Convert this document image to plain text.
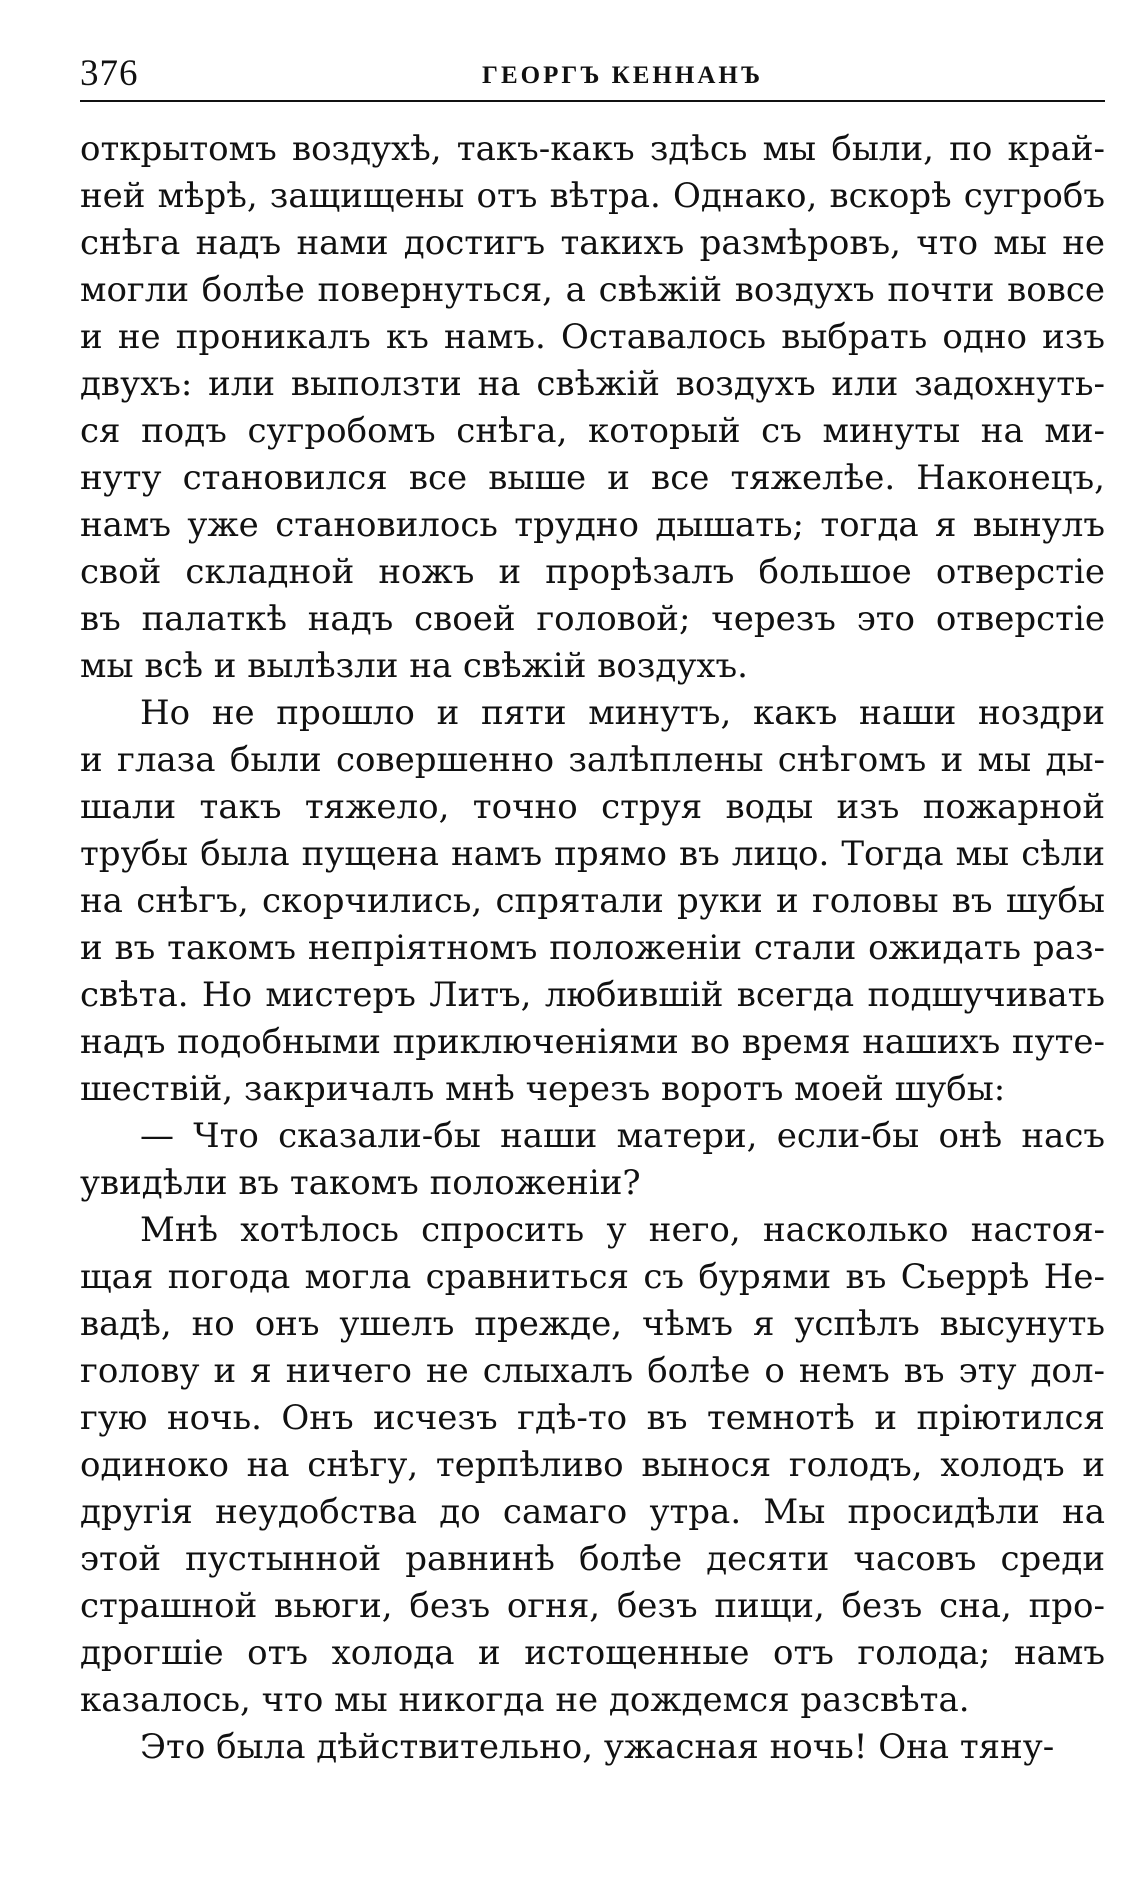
376	ГЕОРГЪ КЕННАНЪ
открытомъ воздухѣ, такъ-какъ здѣсь мы были, по край-
ней мѣрѣ, защищены отъ вѣтра. Однако, вскорѣ сугробъ
снѣга надъ нами достигъ такихъ размѣровъ, что мы не
могли болѣе повернуться, а свѣжій воздухъ почти вовсе
и не проникалъ къ намъ. Оставалось выбрать одно изъ
двухъ: или выползти на свѣжій воздухъ или задохнуть-
ся подъ сугробомъ снѣга, который съ минуты на ми-
нуту становился все выше и все тяжелѣе. Наконецъ,
намъ уже становилось трудно дышать; тогда я вынулъ
свой складной ножъ и прорѣзалъ большое отверстіе
въ палаткѣ надъ своей головой; черезъ это отверстіе
мы всѣ и вылѣзли на свѣжій воздухъ.
Но не прошло и пяти минутъ, какъ наши ноздри
и глаза были совершенно залѣплены снѣгомъ и мы ды-
шали такъ тяжело, точно струя воды изъ пожарной
трубы была пущена намъ прямо въ лицо. Тогда мы сѣли
на снѣгъ, скорчились, спрятали руки и головы въ шубы
и въ такомъ непріятномъ положеніи стали ожидать раз-
свѣта. Но мистеръ Литъ, любившій всегда подшучивать
надъ подобными приключеніями во время нашихъ путе-
шествій, закричалъ мнѣ черезъ воротъ моей шубы:
— Что сказали-бы наши матери, если-бы онѣ насъ
увидѣли въ такомъ положеніи?
Мнѣ хотѣлось спросить у него, насколько настоя-
щая погода могла сравниться съ бурями въ Сьеррѣ Не-
вадѣ, но онъ ушелъ прежде, чѣмъ я успѣлъ высунуть
голову и я ничего не слыхалъ болѣе о немъ въ эту дол-
гую ночь. Онъ исчезъ гдѣ-то въ темнотѣ и пріютился
одиноко на снѣгу, терпѣливо вынося голодъ, холодъ и
другія неудобства до самаго утра. Мы просидѣли на
этой пустынной равнинѣ болѣе десяти часовъ среди
страшной вьюги, безъ огня, безъ пищи, безъ сна, про-
дрогшіе отъ холода и истощенные отъ голода; намъ
казалось, что мы никогда не дождемся разсвѣта.
Это была дѣйствительно, ужасная ночь! Она тяну-
